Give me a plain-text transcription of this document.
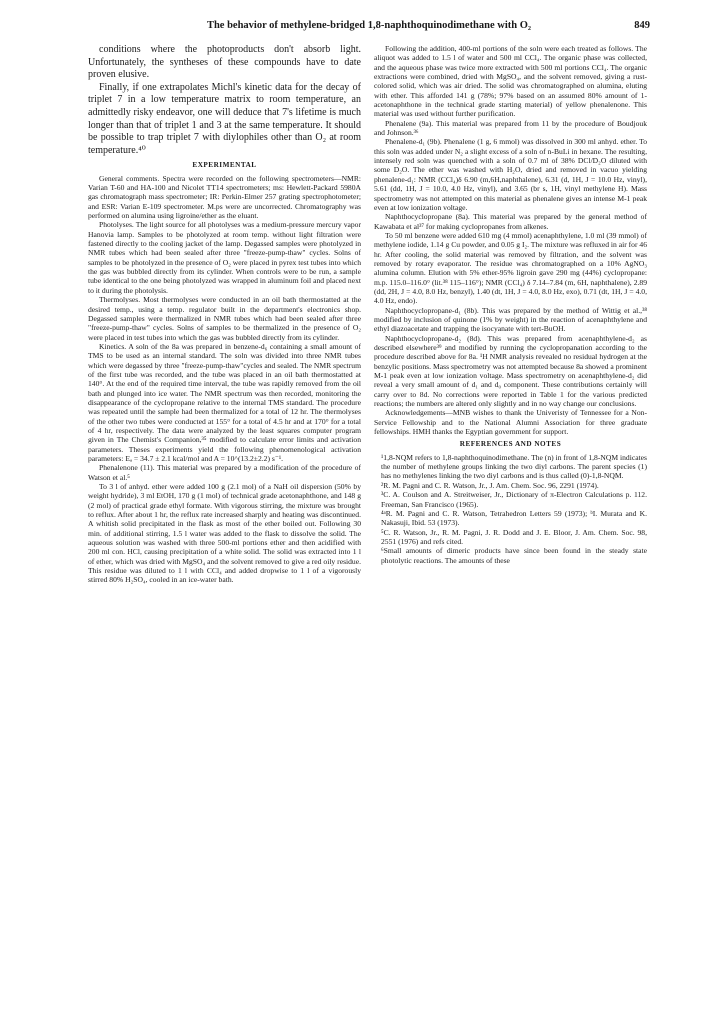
The behavior of methylene-bridged 1,8-naphthoquinodimethane with O₂	849

conditions where the photoproducts don't absorb light. Unfortunately, the syntheses of these compounds have to date proven elusive.

Finally, if one extrapolates Michl's kinetic data for the decay of triplet 7 in a low temperature matrix to room temperature, an admittedly risky endeavor, one will deduce that 7's lifetime is much longer than that of triplet 1 and 3 at the same temperature. It should be possible to trap triplet 7 with diylophiles other than O₂ at room temperature.⁴⁰

EXPERIMENTAL

General comments. Spectra were recorded on the following spectrometers—NMR: Varian T-60 and HA-100 and Nicolet TT14 spectrometers; ms: Hewlett-Packard 5980A gas chromatograph mass spectrometer; IR: Perkin-Elmer 257 grating spectrophotometer; and ESR: Varian E-109 spectrometer. M.ps were are uncorrected. Chromatography was performed on alumina using ligroine/ether as the eluant.

Photolyses. The light source for all photolyses was a medium-pressure mercury vapor Hanovia lamp. Samples to be photolyzed at room temp. without light filtration were fastened directly to the cooling jacket of the lamp. Degassed samples were photolyzed in NMR tubes which had been sealed after three "freeze-pump-thaw" cycles. Solns of samples to be photolyzed in the presence of O₂ were placed in pyrex test tubes into which the gas was bubbled directly from its cylinder. When controls were to be run, a sample tube identical to the one being photolyzed was wrapped in aluminum foil and placed next to it during the photolysis.

Thermolyses. Most thermolyses were conducted in an oil bath thermostatted at the desired temp., using a temp. regulator built in the department's electronics shop. Degassed samples were thermalized in NMR tubes which had been sealed after three "freeze-pump-thaw" cycles. Solns of samples to be thermalized in the presence of O₂ were placed in test tubes into which the gas was bubbled directly from its cylinder.

Kinetics. A soln of the 8a was prepared in benzene-d₆ containing a small amount of TMS to be used as an internal standard. The soln was divided into three NMR tubes which were degassed by three "freeze-pump-thaw"cycles and sealed. The NMR spectrum of the first tube was recorded, and the tube was placed in an oil bath thermostatted at 140°. At the end of the required time interval, the tube was rapidly removed from the oil bath and plunged into ice water. The NMR spectrum was then recorded, monitoring the disappearance of the cyclopropane relative to the internal TMS standard. The procedure was repeated until the sample had been thermalized for a total of 12 hr. The thermolyses of the other two tubes were conducted at 155° for a total of 4.5 hr and at 170° for a total of 4 hr, respectively. The data were analyzed by the least squares computer program given in The Chemist's Companion,³⁵ modified to calculate error limits and activation parameters. Theses experiments yield the following phenomenological activation parameters: Eₐ = 34.7 ± 2.1 kcal/mol and A = 10^(13.2±2.2) s⁻¹.

Phenalenone (11). This material was prepared by a modification of the procedure of Watson et al.⁵

To 3 l of anhyd. ether were added 100 g (2.1 mol) of a NaH oil dispersion (50% by weight hydride), 3 ml EtOH, 170 g (1 mol) of technical grade acetonaphthone, and 148 g (2 mol) of practical grade ethyl formate. With vigorous stirring, the mixture was brought to reflux. After about 1 hr, the reflux rate increased sharply and heating was discontinued. A whitish solid precipitated in the flask as most of the ether boiled out. Following 30 min. of additional stirring, 1.5 l water was added to the flask to dissolve the solid. The aqueous solution was washed with three 500-ml portions ether and then acidified with 200 ml con. HCl, causing precipitation of a white solid. The solid was extracted into 1 l of ether, which was dried with MgSO₄ and the solvent removed to give a red oily residue. This residue was diluted to 1 l with CCl₄ and added dropwise to 1 l of a vigorously stirred 80% H₂SO₄, cooled in an ice-water bath.

Following the addition, 400-ml portions of the soln were each treated as follows. The aliquot was added to 1.5 l of water and 500 ml CCl₄. The organic phase was collected, and the aqueous phase was twice more extracted with 500 ml portions CCl₄. The organic extractions were combined, dried with MgSO₄, and the solvent removed, giving a rust-colored solid, which was air dried. The solid was chromatographed on alumina, eluting with ether. This afforded 141 g (78%; 97% based on an assumed 80% amount of 1-acetonaphthone in the technical grade starting material) of yellow phenalenone. This material was used without further purification.

Phenalene (9a). This material was prepared from 11 by the procedure of Boudjouk and Johnson.³⁶

Phenalene-d₁ (9b). Phenalene (1 g, 6 mmol) was dissolved in 300 ml anhyd. ether. To this soln was added under N₂ a slight excess of a soln of n-BuLi in hexane. The resulting, intensely red soln was quenched with a soln of 0.7 ml of 38% DCl/D₂O diluted with some D₂O. The ether was washed with H₂O, dried and removed in vacuo yielding phenalene-d₁: NMR (CCl₄)δ 6.90 (m,6H,naphthalene), 6.31 (d, 1H, J = 10.0 Hz, vinyl), 5.61 (dd, 1H, J = 10.0, 4.0 Hz, vinyl), and 3.65 (br s, 1H, vinyl methylene H). Mass spectrometry was not attempted on this material as phenalene gives an intense M-1 peak even at low ionization voltage.

Naphthocyclopropane (8a). This material was prepared by the general method of Kawabata et al³⁷ for making cyclopropanes from alkenes.

To 50 ml benzene were added 610 mg (4 mmol) acenaphthylene, 1.0 ml (39 mmol) of methylene iodide, 1.14 g Cu powder, and 0.05 g I₂. The mixture was refluxed in air for 46 hr. After cooling, the solid material was removed by filtration, and the solvent was removed by rotary evaporator. The residue was chromatographed on a 10% AgNO₃ alumina column. Elution with 5% ether-95% ligroin gave 290 mg (44%) cyclopropane: m.p. 115.0–116.0° (lit.³⁸ 115–116°); NMR (CCl₄) δ 7.14–7.84 (m, 6H, naphthalene), 2.89 (dd, 2H, J = 4.0, 8.0 Hz, benzyl), 1.40 (dt, 1H, J = 4.0, 8.0 Hz, exo), 0.71 (dt, 1H, J = 4.0, 4.0 Hz, endo).

Naphthocyclopropane-d₁ (8b). This was prepared by the method of Wittig et al.,³⁸ modified by inclusion of quinone (1% by weight) in the reaction of acenaphthylene and ethyl diazoacetate and trapping the isocyanate with tert-BuOH.

Naphthocyclopropane-d₂ (8d). This was prepared from acenaphthylene-d₂ as described elsewhere³⁹ and modified by running the cyclopropanation according to the procedure described above for 8a. ¹H NMR analysis revealed no residual hydrogen at the benzylic positions. Mass spectrometry was not attempted because 8a showed a prominent M-1 peak even at low ionization voltage. Mass spectrometry on acenaphthylene-d₂ did reveal a very small amount of d₁ and d₀ component. These contributions certainly will carry over to 8d. No corrections were reported in Table 1 for the various predicted reactions; the numbers are altered only slightly and in no way change our conclusions.

Acknowledgements—MNB wishes to thank the Univeristy of Tennessee for a Non-Service Fellowship and to the National Alumni Association for three graduate fellowships. HMH thanks the Egyptian government for support.

REFERENCES AND NOTES

¹1,8-NQM refers to 1,8-naphthoquinodimethane. The (n) in front of 1,8-NQM indicates the number of methylene groups linking the two diyl carbons. The parent species (1) has no methylenes linking the two diyl carbons and is thus called (0)-1,8-NQM.

²R. M. Pagni and C. R. Watson, Jr., J. Am. Chem. Soc. 96, 2291 (1974).

³C. A. Coulson and A. Streitweiser, Jr., Dictionary of π-Electron Calculations p. 112. Freeman, San Francisco (1965).

⁴ᵃR. M. Pagni and C. R. Watson, Tetrahedron Letters 59 (1973); ᵇI. Murata and K. Nakasuji, Ibid. 53 (1973).

⁵C. R. Watson, Jr., R. M. Pagni, J. R. Dodd and J. E. Bloor, J. Am. Chem. Soc. 98, 2551 (1976) and refs cited.

⁶Small amounts of dimeric products have since been found in the steady state photolytic reactions. The amounts of these
